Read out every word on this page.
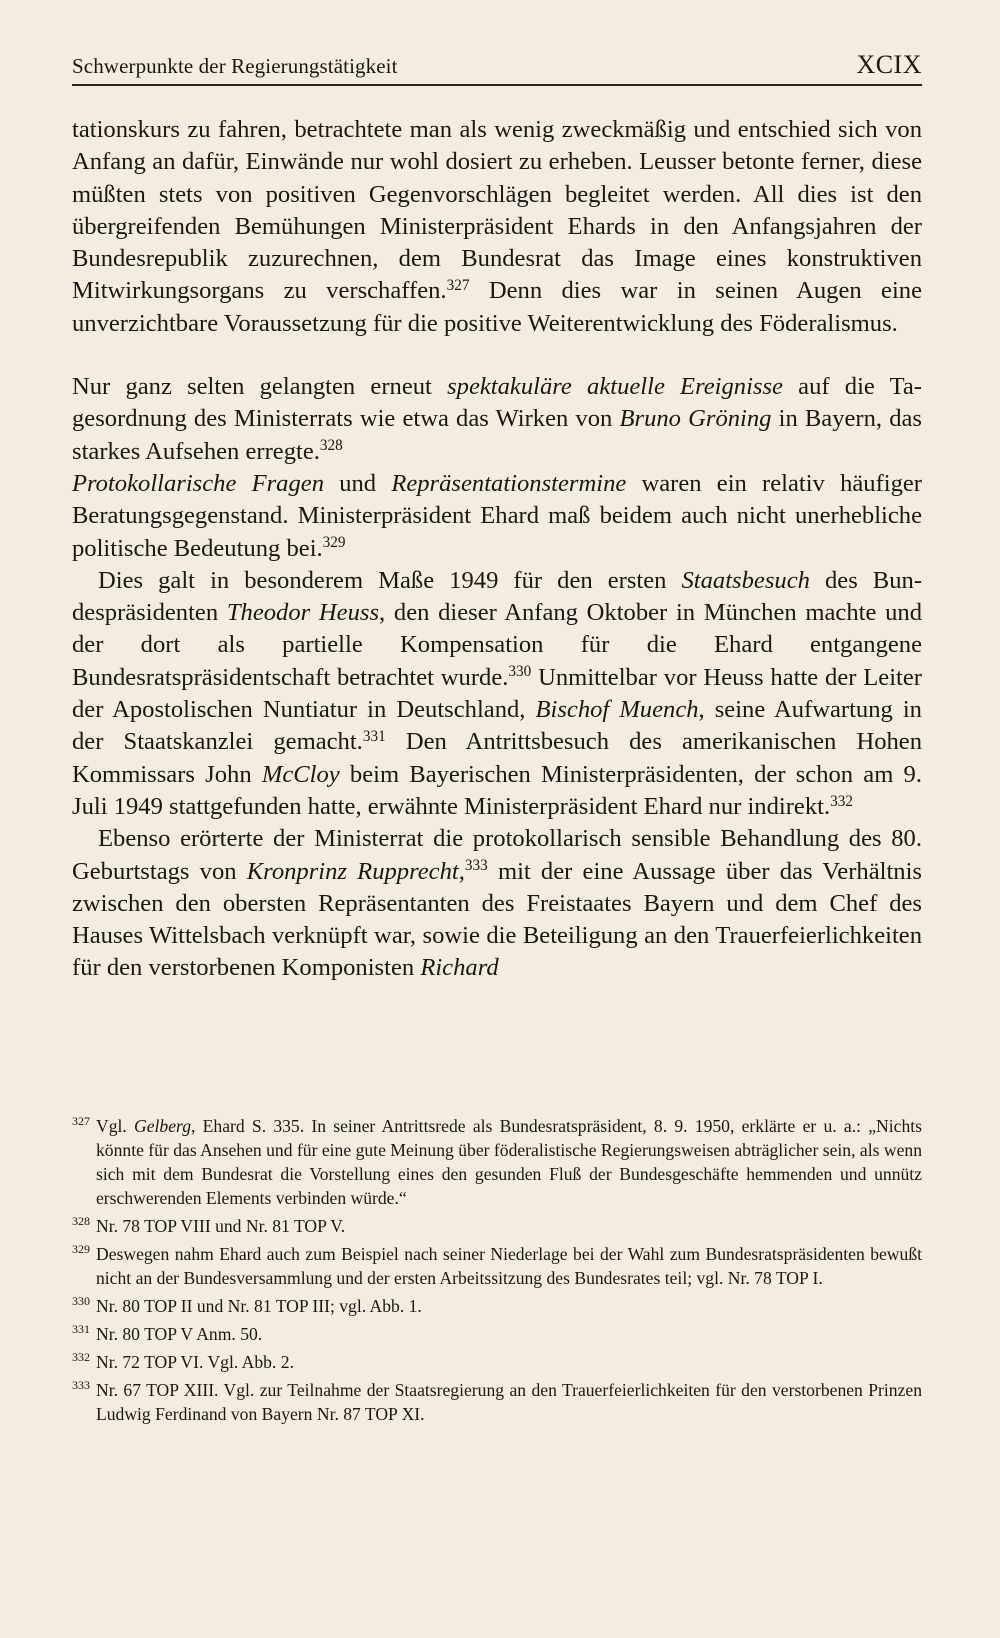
Schwerpunkte der Regierungstätigkeit	XCIX

tationskurs zu fahren, betrachtete man als wenig zweckmäßig und entschied sich von Anfang an dafür, Einwände nur wohl dosiert zu erheben. Leusser betonte ferner, diese müßten stets von positiven Gegenvorschlägen begleitet werden. All dies ist den übergreifenden Bemühungen Ministerpräsident Ehards in den Anfangsjahren der Bundesrepublik zuzurechnen, dem Bundesrat das Image eines konstruktiven Mitwirkungsorgans zu verschaffen.$^{327}$ Denn dies war in seinen Augen eine unverzichtbare Voraussetzung für die positive Weiterentwicklung des Föderalismus.

Nur ganz selten gelangten erneut spektakuläre aktuelle Ereignisse auf die Tagesordnung des Ministerrats wie etwa das Wirken von Bruno Gröning in Bayern, das starkes Aufsehen erregte.$^{328}$

Protokollarische Fragen und Repräsentationstermine waren ein relativ häufiger Beratungsgegenstand. Ministerpräsident Ehard maß beidem auch nicht unerhebliche politische Bedeutung bei.$^{329}$

Dies galt in besonderem Maße 1949 für den ersten Staatsbesuch des Bundespräsidenten Theodor Heuss, den dieser Anfang Oktober in München machte und der dort als partielle Kompensation für die Ehard entgangene Bundesratspräsidentschaft betrachtet wurde.$^{330}$ Unmittelbar vor Heuss hatte der Leiter der Apostolischen Nuntiatur in Deutschland, Bischof Muench, seine Aufwartung in der Staatskanzlei gemacht.$^{331}$ Den Antrittsbesuch des amerikanischen Hohen Kommissars John McCloy beim Bayerischen Ministerpräsidenten, der schon am 9. Juli 1949 stattgefunden hatte, erwähnte Ministerpräsident Ehard nur indirekt.$^{332}$

Ebenso erörterte der Ministerrat die protokollarisch sensible Behandlung des 80. Geburtstags von Kronprinz Rupprecht,$^{333}$ mit der eine Aussage über das Verhältnis zwischen den obersten Repräsentanten des Freistaates Bayern und dem Chef des Hauses Wittelsbach verknüpft war, sowie die Beteiligung an den Trauerfeierlichkeiten für den verstorbenen Komponisten Richard

327 Vgl. Gelberg, Ehard S. 335. In seiner Antrittsrede als Bundesratspräsident, 8. 9. 1950, erklärte er u. a.: „Nichts könnte für das Ansehen und für eine gute Meinung über föderalistische Regierungsweisen abträglicher sein, als wenn sich mit dem Bundesrat die Vorstellung eines den gesunden Fluß der Bundesgeschäfte hemmenden und unnütz erschwerenden Elements verbinden würde.“
328 Nr. 78 TOP VIII und Nr. 81 TOP V.
329 Deswegen nahm Ehard auch zum Beispiel nach seiner Niederlage bei der Wahl zum Bundesratspräsidenten bewußt nicht an der Bundesversammlung und der ersten Arbeitssitzung des Bundesrates teil; vgl. Nr. 78 TOP I.
330 Nr. 80 TOP II und Nr. 81 TOP III; vgl. Abb. 1.
331 Nr. 80 TOP V Anm. 50.
332 Nr. 72 TOP VI. Vgl. Abb. 2.
333 Nr. 67 TOP XIII. Vgl. zur Teilnahme der Staatsregierung an den Trauerfeierlichkeiten für den verstorbenen Prinzen Ludwig Ferdinand von Bayern Nr. 87 TOP XI.
